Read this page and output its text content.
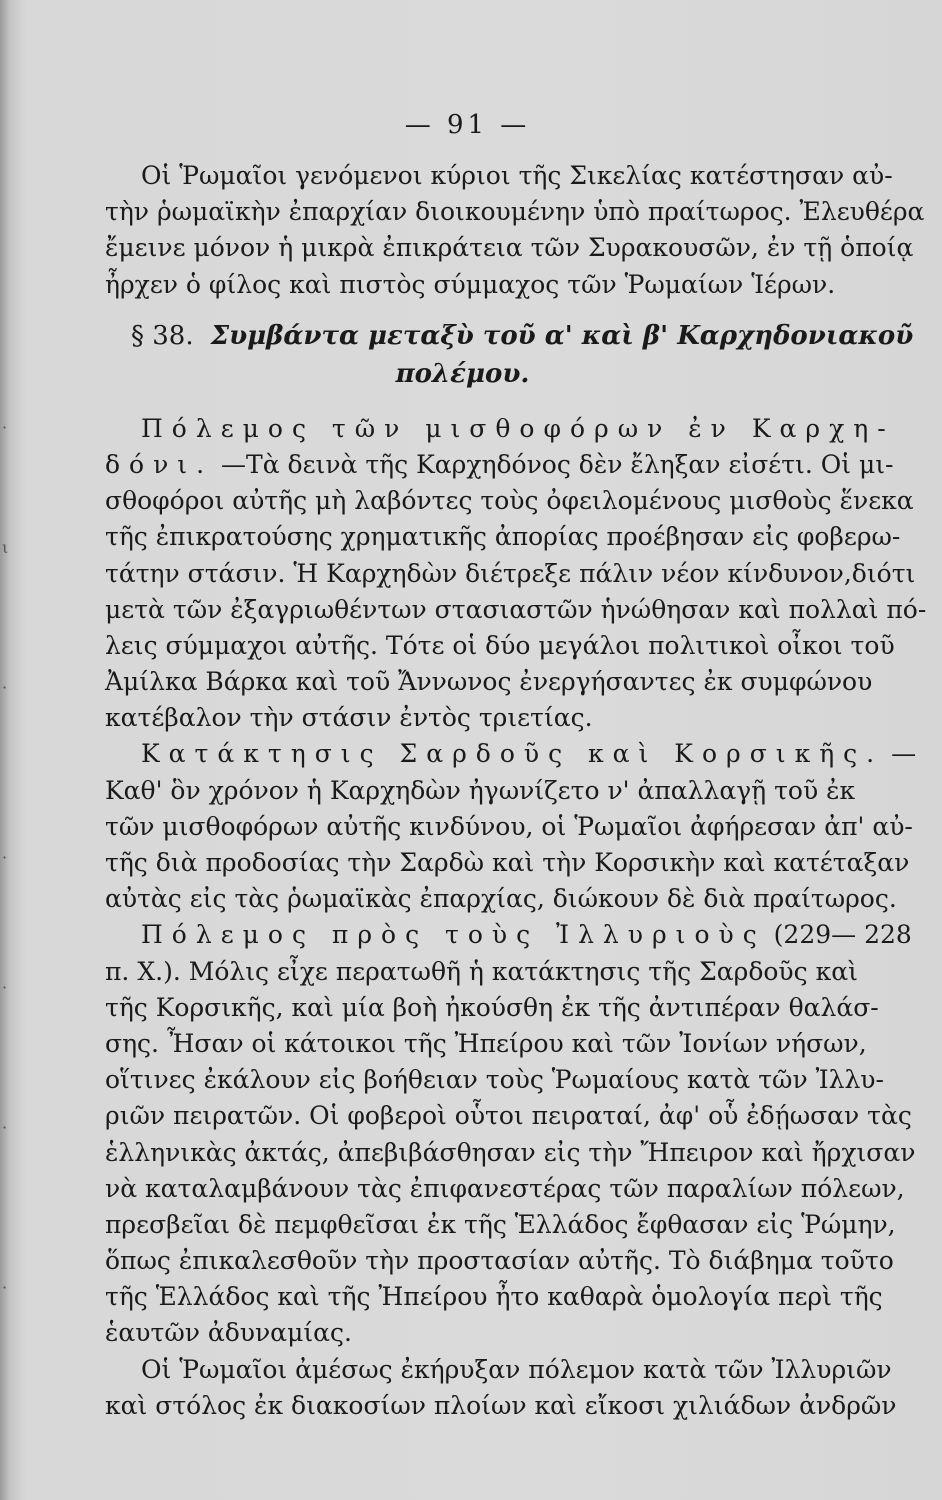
·
ι
·
·
·
·
·
— 91 —
Οἱ Ῥωμαῖοι γενόμενοι κύριοι τῆς Σικελίας κατέστησαν αὐ-
τὴν ῥωμαϊκὴν ἐπαρχίαν διοικουμένην ὑπὸ πραίτωρος. Ἐλευθέρα
ἔμεινε μόνον ἡ μικρὰ ἐπικράτεια τῶν Συρακουσῶν, ἐν τῇ ὁποίᾳ
ἦρχεν ὁ φίλος καὶ πιστὸς σύμμαχος τῶν Ῥωμαίων Ἱέρων.
§ 38. Συμβάντα μεταξὺ τοῦ α' καὶ β' Καρχηδονιακοῦ
πολέμου.
Πόλεμος τῶν μισθοφόρων ἐν Καρχη-
δόνι. —Τὰ δεινὰ τῆς Καρχηδόνος δὲν ἔληξαν εἰσέτι. Οἱ μι-
σθοφόροι αὐτῆς μὴ λαβόντες τοὺς ὀφειλομένους μισθοὺς ἕνεκα
τῆς ἐπικρατούσης χρηματικῆς ἀπορίας προέβησαν εἰς φοβερω-
τάτην στάσιν. Ἡ Καρχηδὼν διέτρεξε πάλιν νέον κίνδυνον,διότι
μετὰ τῶν ἐξαγριωθέντων στασιαστῶν ἡνώθησαν καὶ πολλαὶ πό-
λεις σύμμαχοι αὐτῆς. Τότε οἱ δύο μεγάλοι πολιτικοὶ οἶκοι τοῦ
Ἀμίλκα Βάρκα καὶ τοῦ Ἄννωνος ἐνεργήσαντες ἐκ συμφώνου
κατέβαλον τὴν στάσιν ἐντὸς τριετίας.
Κατάκτησις Σαρδοῦς καὶ Κορσικῆς. —
Καθ' ὃν χρόνον ἡ Καρχηδὼν ἠγωνίζετο ν' ἀπαλλαγῇ τοῦ ἐκ
τῶν μισθοφόρων αὐτῆς κινδύνου, οἱ Ῥωμαῖοι ἀφήρεσαν ἀπ' αὐ-
τῆς διὰ προδοσίας τὴν Σαρδὼ καὶ τὴν Κορσικὴν καὶ κατέταξαν
αὐτὰς εἰς τὰς ῥωμαϊκὰς ἐπαρχίας, διώκουν δὲ διὰ πραίτωρος.
Πόλεμος πρὸς τοὺς Ἰλλυριοὺς (229— 228
π. Χ.). Μόλις εἶχε περατωθῆ ἡ κατάκτησις τῆς Σαρδοῦς καὶ
τῆς Κορσικῆς, καὶ μία βοὴ ἠκούσθη ἐκ τῆς ἀντιπέραν θαλάσ-
σης. Ἦσαν οἱ κάτοικοι τῆς Ἠπείρου καὶ τῶν Ἰονίων νήσων,
οἵτινες ἐκάλουν εἰς βοήθειαν τοὺς Ῥωμαίους κατὰ τῶν Ἰλλυ-
ριῶν πειρατῶν. Οἱ φοβεροὶ οὗτοι πειραταί, ἀφ' οὗ ἐδῄωσαν τὰς
ἑλληνικὰς ἀκτάς, ἀπεβιβάσθησαν εἰς τὴν Ἤπειρον καὶ ἤρχισαν
νὰ καταλαμβάνουν τὰς ἐπιφανεστέρας τῶν παραλίων πόλεων,
πρεσβεῖαι δὲ πεμφθεῖσαι ἐκ τῆς Ἑλλάδος ἔφθασαν εἰς Ῥώμην,
ὅπως ἐπικαλεσθοῦν τὴν προστασίαν αὐτῆς. Τὸ διάβημα τοῦτο
τῆς Ἑλλάδος καὶ τῆς Ἠπείρου ἦτο καθαρὰ ὁμολογία περὶ τῆς
ἑαυτῶν ἀδυναμίας.
Οἱ Ῥωμαῖοι ἀμέσως ἐκήρυξαν πόλεμον κατὰ τῶν Ἰλλυριῶν
καὶ στόλος ἐκ διακοσίων πλοίων καὶ εἴκοσι χιλιάδων ἀνδρῶν
